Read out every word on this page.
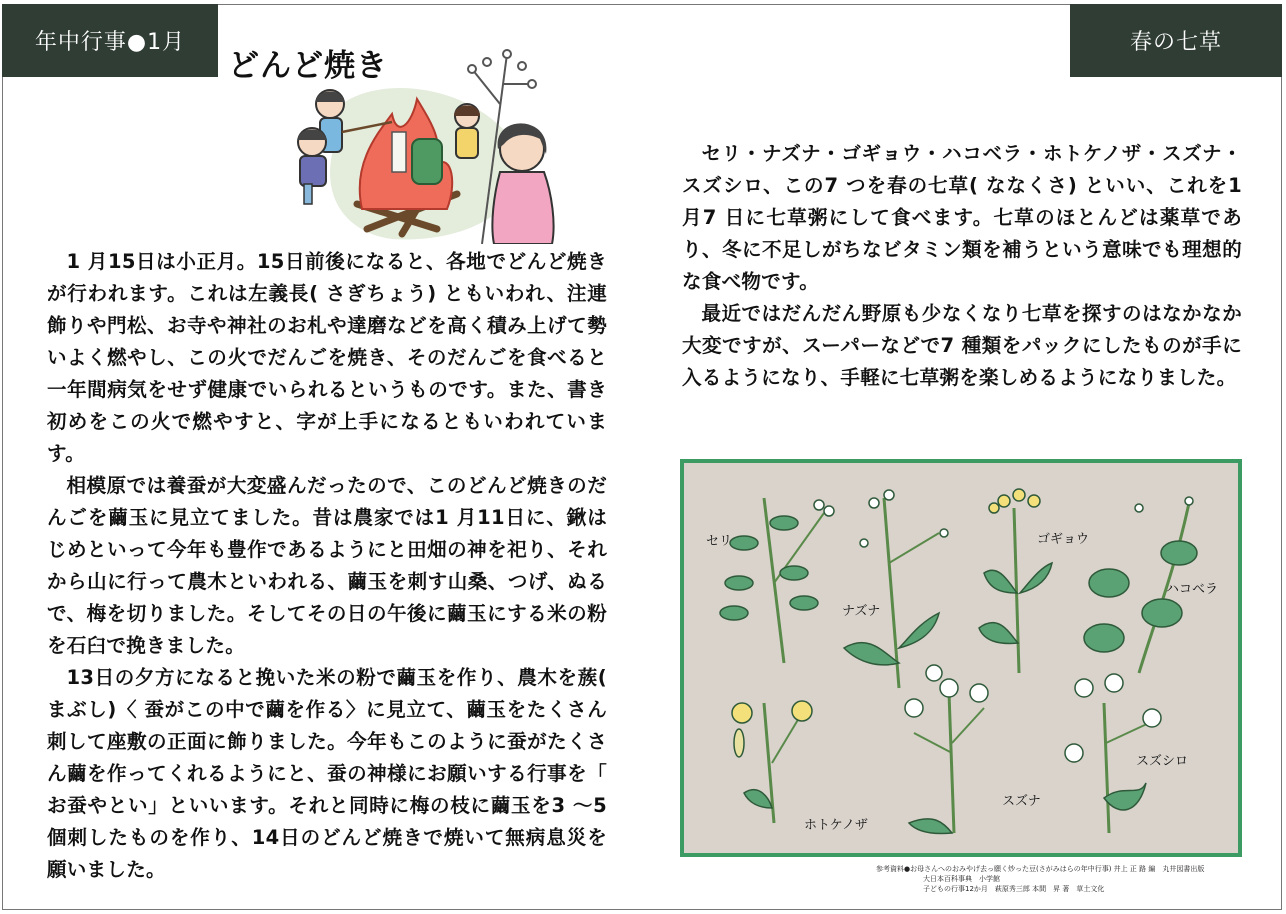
年中行事●1月	春の七草
どんど焼き

1 月15日は小正月。15日前後になると、各地でどんど焼きが行われます。これは左義長( さぎちょう) ともいわれ、注連飾りや門松、お寺や神社のお札や達磨などを高く積み上げて勢いよく燃やし、この火でだんごを焼き、そのだんごを食べると一年間病気をせず健康でいられるというものです。また、書き初めをこの火で燃やすと、字が上手になるともいわれています。

相模原では養蚕が大変盛んだったので、このどんど焼きのだんごを繭玉に見立てました。昔は農家では1 月11日に、鍬はじめといって今年も豊作であるようにと田畑の神を祀り、それから山に行って農木といわれる、繭玉を刺す山桑、つげ、ぬるで、梅を切りました。そしてその日の午後に繭玉にする米の粉を石臼で挽きました。

13日の夕方になると挽いた米の粉で繭玉を作り、農木を蔟( まぶし)〈 蚕がこの中で繭を作る〉に見立て、繭玉をたくさん刺して座敷の正面に飾りました。今年もこのように蚕がたくさん繭を作ってくれるようにと、蚕の神様にお願いする行事を「 お蚕やとい」といいます。それと同時に梅の枝に繭玉を3 ～5 個刺したものを作り、14日のどんど焼きで焼いて無病息災を願いました。

セリ・ナズナ・ゴギョウ・ハコベラ・ホトケノザ・スズナ・スズシロ、この7 つを春の七草( ななくさ) といい、これを1 月7 日に七草粥にして食べます。七草のほとんどは薬草であり、冬に不足しがちなビタミン類を補うという意味でも理想的な食べ物です。

最近ではだんだん野原も少なくなり七草を探すのはなかなか大変ですが、スーパーなどで7 種類をパックにしたものが手に入るようになり、手軽に七草粥を楽しめるようになりました。

セリ
ナズナ
ゴギョウ
ハコベラ
ホトケノザ
スズナ
スズシロ
参考資料●お母さんへのおみやげ去っ願く炒った豆(さがみはらの年中行事) 井上 正 路 編　丸井図書出版
大日本百科事典　小学館
子どもの行事12か月　萩原秀三郎 本間　昇 著　草土文化
